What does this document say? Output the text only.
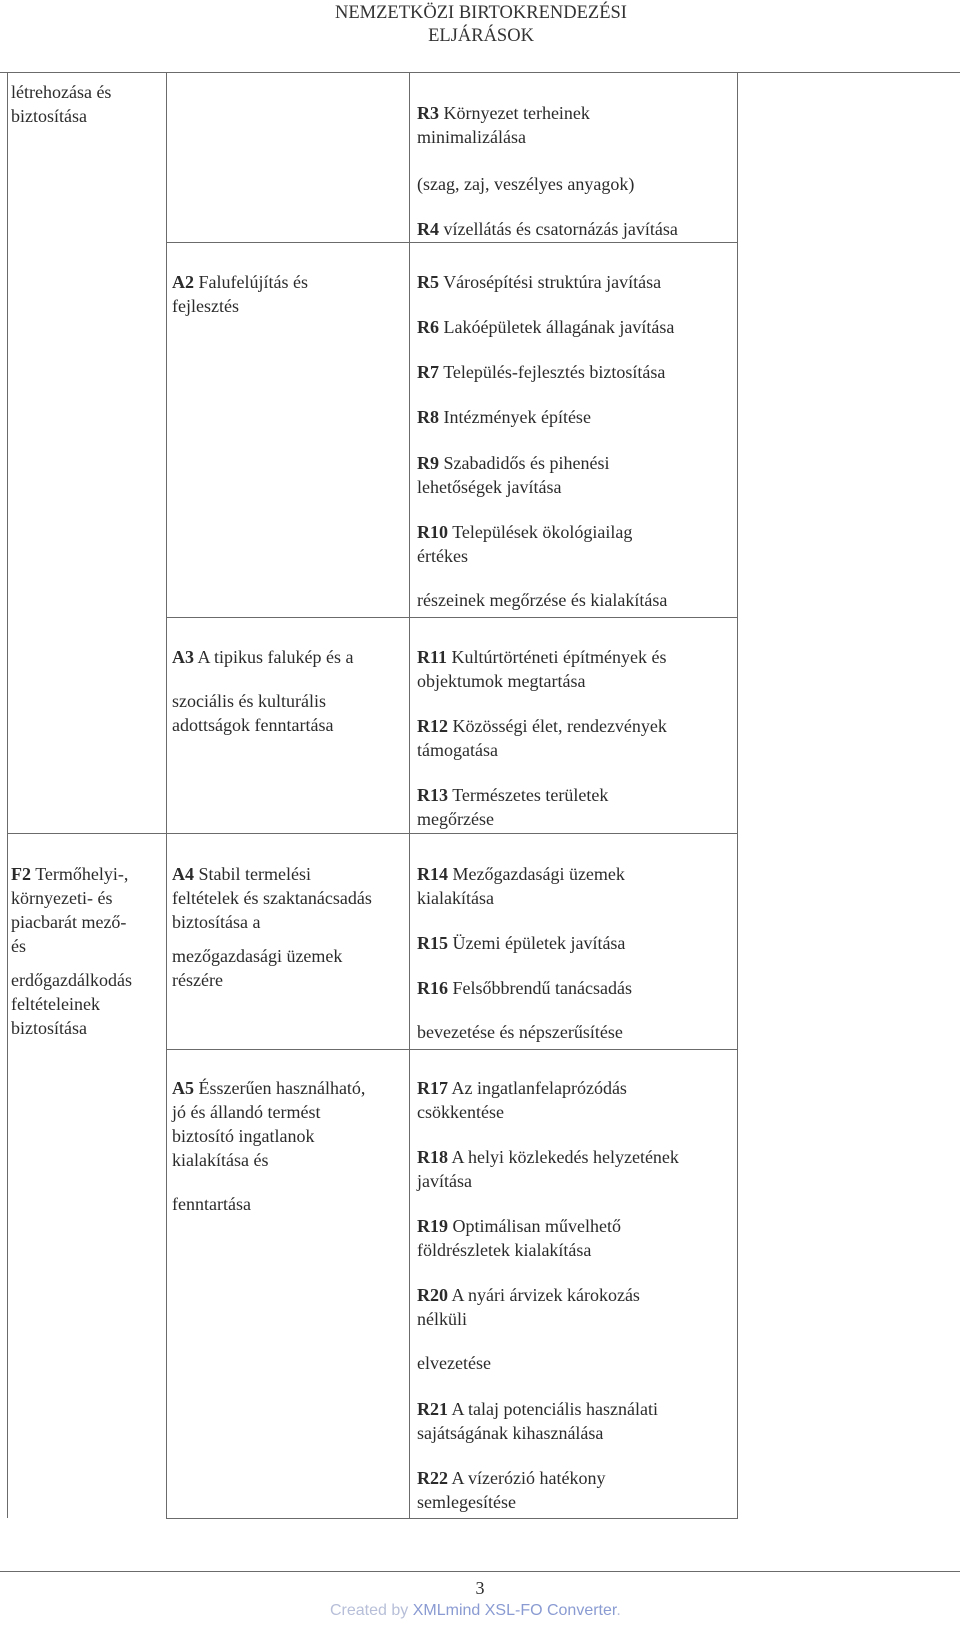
NEMZETKÖZI BIRTOKRENDEZÉSI ELJÁRÁSOK
létrehozása és
biztosítása
F2 Termőhelyi-,
környezeti- és
piacbarát mező-
és
erdőgazdálkodás
feltételeinek
biztosítása
A2 Falufelújítás és
fejlesztés
A3 A tipikus falukép és a
szociális és kulturális
adottságok fenntartása
A4 Stabil termelési
feltételek és szaktanácsadás
biztosítása a
mezőgazdasági üzemek
részére
A5 Ésszerűen használható,
jó és állandó termést
biztosító ingatlanok
kialakítása és
fenntartása
R3 Környezet terheinek
minimalizálása
(szag, zaj, veszélyes anyagok)
R4 vízellátás és csatornázás javítása
R5 Városépítési struktúra javítása
R6 Lakóépületek állagának javítása
R7 Település-fejlesztés biztosítása
R8 Intézmények építése
R9 Szabadidős és pihenési
lehetőségek javítása
R10 Települések ökológiailag
értékes
részeinek megőrzése és kialakítása
R11 Kultúrtörténeti építmények és
objektumok megtartása
R12 Közösségi élet, rendezvények
támogatása
R13 Természetes területek
megőrzése
R14 Mezőgazdasági üzemek
kialakítása
R15 Üzemi épületek javítása
R16 Felsőbbrendű tanácsadás
bevezetése és népszerűsítése
R17 Az ingatlanfelaprózódás
csökkentése
R18 A helyi közlekedés helyzetének
javítása
R19 Optimálisan művelhető
földrészletek kialakítása
R20 A nyári árvizek károkozás
nélküli
elvezetése
R21 A talaj potenciális használati
sajátságának kihasználása
R22 A vízerózió hatékony
semlegesítése
3
Created by XMLmind XSL-FO Converter.
